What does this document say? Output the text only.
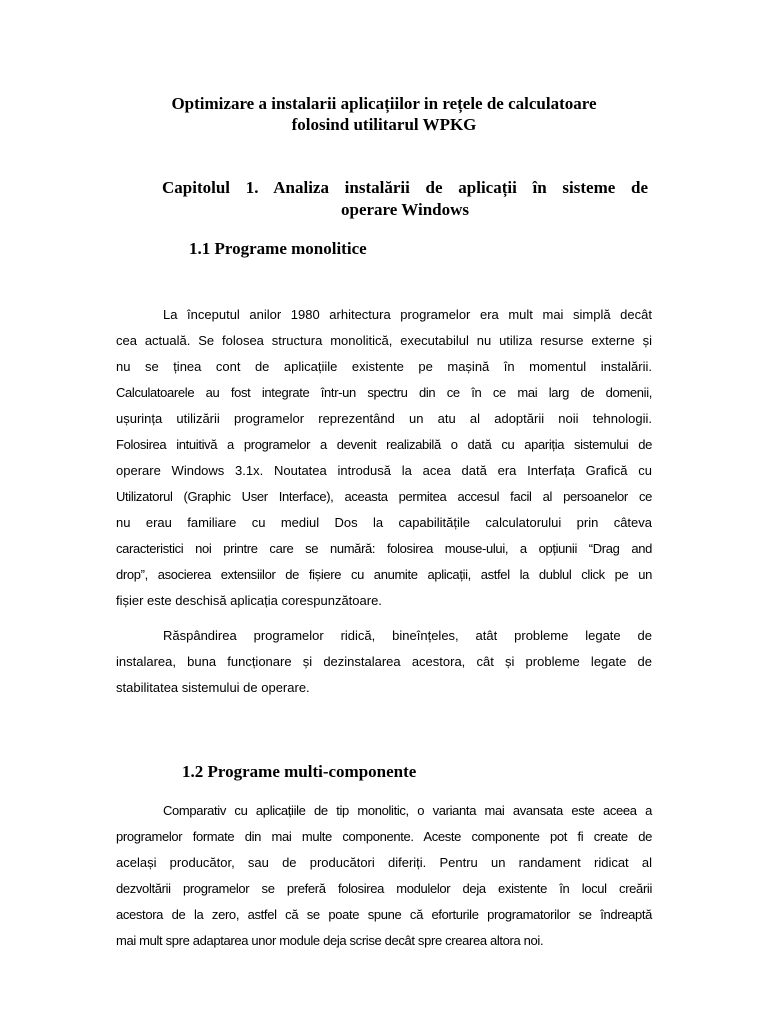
Optimizare a instalarii aplicațiilor in rețele de calculatoare
folosind utilitarul WPKG
Capitolul 1. Analiza instalării de aplicații în sisteme de
operare Windows
1.1 Programe monolitice
La începutul anilor 1980 arhitectura programelor era mult mai simplă decât
cea actuală. Se folosea structura monolitică, executabilul nu utiliza resurse externe și
nu se ținea cont de aplicațiile existente pe mașină în momentul instalării.
Calculatoarele au fost integrate într-un spectru din ce în ce mai larg de domenii,
ușurința utilizării programelor reprezentând un atu al adoptării noii tehnologii.
Folosirea intuitivă a programelor a devenit realizabilă o dată cu apariția sistemului de
operare Windows 3.1x. Noutatea introdusă la acea dată era Interfața Grafică cu
Utilizatorul (Graphic User Interface), aceasta permitea accesul facil al persoanelor ce
nu erau familiare cu mediul Dos la capabilitățile calculatorului prin câteva
caracteristici noi printre care se numără: folosirea mouse-ului, a opțiunii “Drag and
drop”, asocierea extensiilor de fișiere cu anumite aplicații, astfel la dublul click pe un
fișier este deschisă aplicația corespunzătoare.
Răspândirea programelor ridică, bineînțeles, atât probleme legate de
instalarea, buna funcționare și dezinstalarea acestora, cât și probleme legate de
stabilitatea sistemului de operare.
1.2 Programe multi-componente
Comparativ cu aplicațiile de tip monolitic, o varianta mai avansata este aceea a
programelor formate din mai multe componente. Aceste componente pot fi create de
același producător, sau de producători diferiți. Pentru un randament ridicat al
dezvoltării programelor se preferă folosirea modulelor deja existente în locul creării
acestora de la zero, astfel că se poate spune că eforturile programatorilor se îndreaptă
mai mult spre adaptarea unor module deja scrise decât spre crearea altora noi.
